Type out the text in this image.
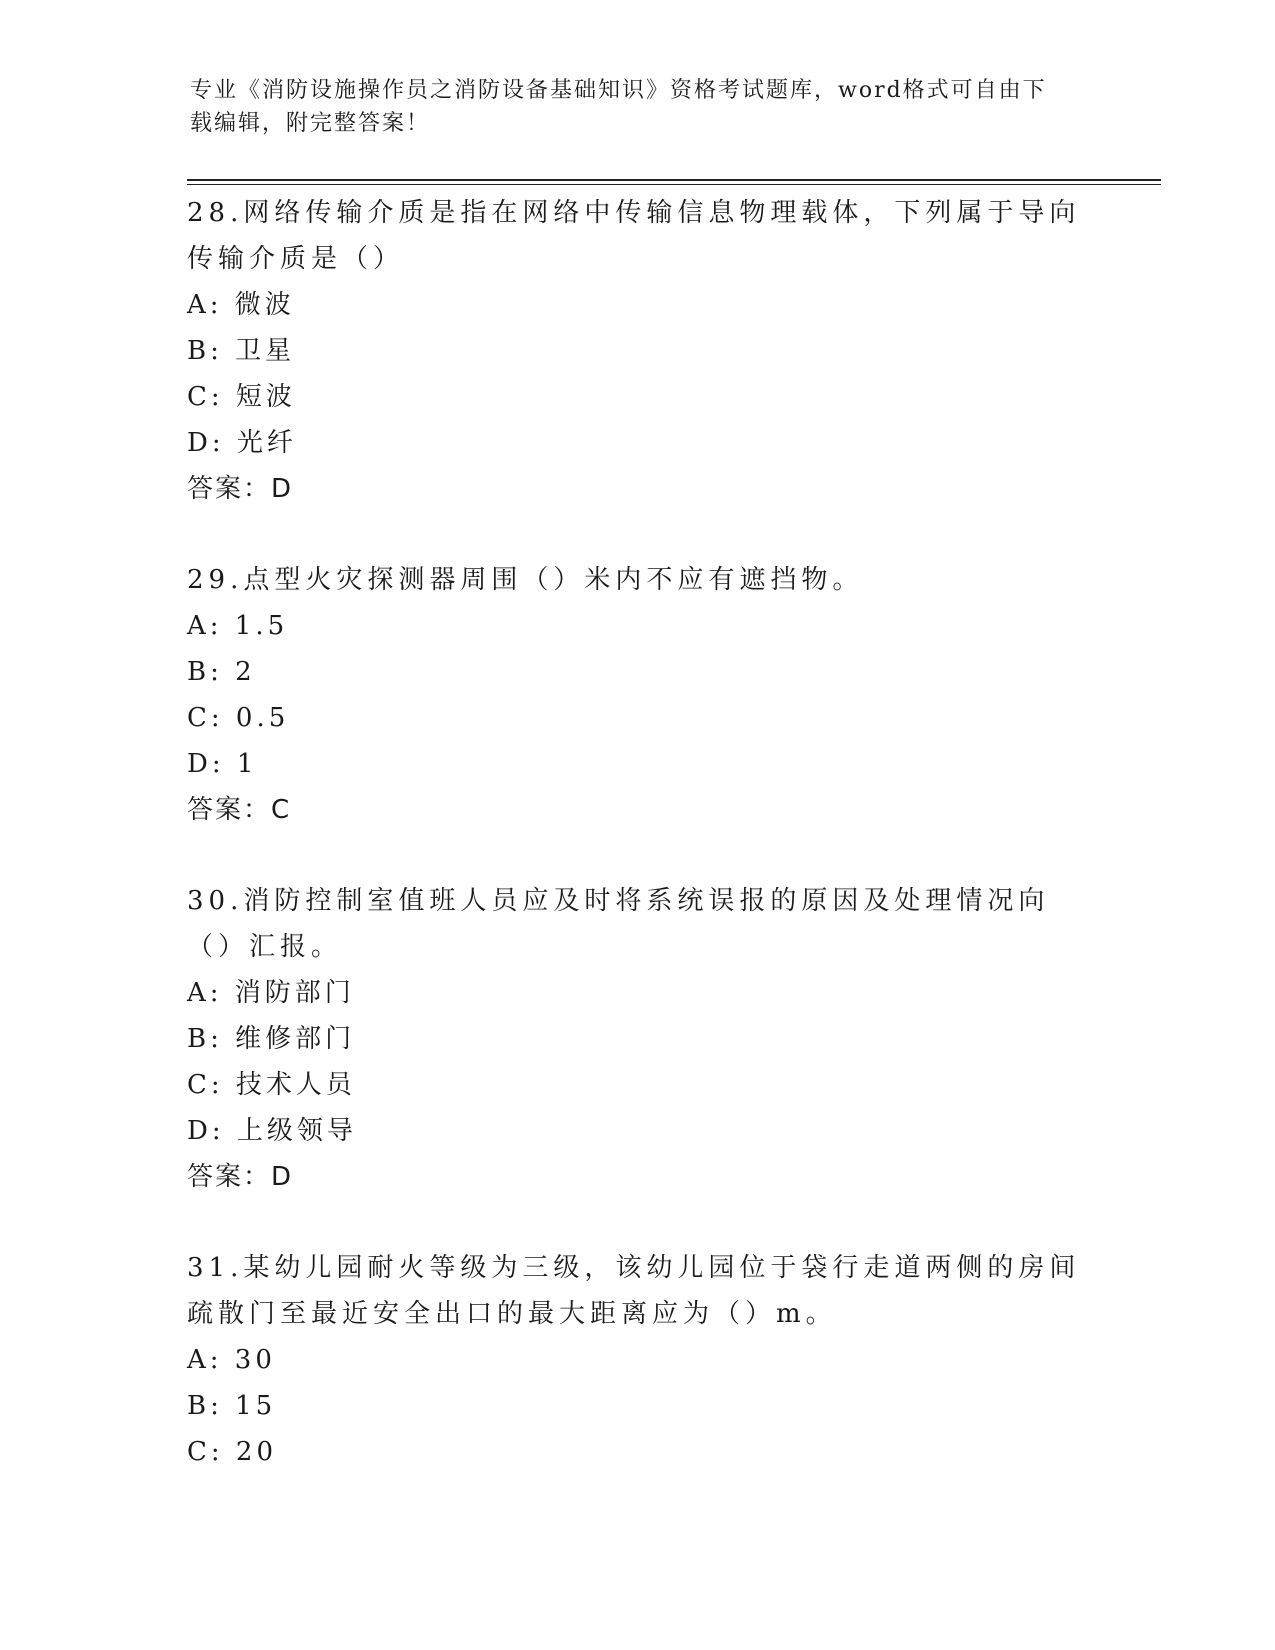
专业《消防设施操作员之消防设备基础知识》资格考试题库，word格式可自由下载编辑，附完整答案！
28.网络传输介质是指在网络中传输信息物理载体，下列属于导向传输介质是（）
A: 微波
B: 卫星
C: 短波
D: 光纤
答案：D
29.点型火灾探测器周围（）米内不应有遮挡物。
A: 1.5
B: 2
C: 0.5
D: 1
答案：C
30.消防控制室值班人员应及时将系统误报的原因及处理情况向（）汇报。
A: 消防部门
B: 维修部门
C: 技术人员
D: 上级领导
答案：D
31.某幼儿园耐火等级为三级，该幼儿园位于袋行走道两侧的房间疏散门至最近安全出口的最大距离应为（）m。
A: 30
B: 15
C: 20
